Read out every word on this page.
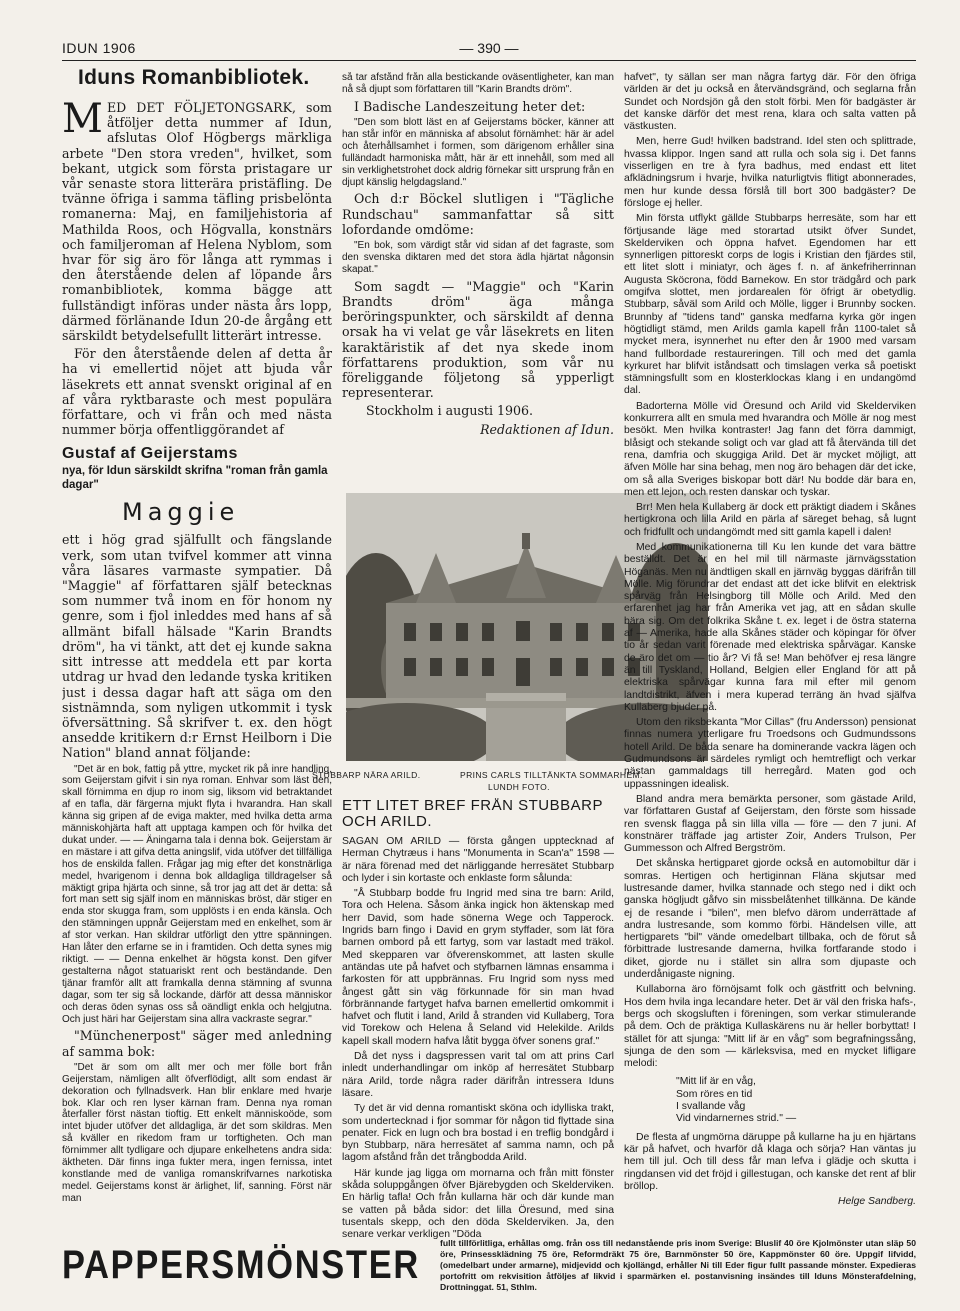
IDUN 1906	— 390 —
Iduns Romanbibliotek.

MED DET FÖLJETONGSARK, som åtföljer detta nummer af Idun, afslutas Olof Högbergs märkliga arbete "Den stora vreden", hvilket, som bekant, utgick som första pristagare ur vår senaste stora litterära pristäfling. De tvänne öfriga i samma täfling prisbelönta romanerna: Maj, en familjehistoria af Mathilda Roos, och Högvalla, konstnärs och familjeroman af Helena Nyblom, som hvar för sig äro för långa att rymmas i den återstående delen af löpande års romanbibliotek, komma bägge att fullständigt införas under nästa års lopp, därmed förlänande Idun 20-de årgång ett särskildt betydelsefullt litterärt intresse.

För den återstående delen af detta år ha vi emellertid nöjet att bjuda vår läsekrets ett annat svenskt original af en af våra ryktbaraste och mest populära författare, och vi från och med nästa nummer börja offentliggörandet af

Gustaf af Geijerstams
nya, för Idun särskildt skrifna "roman från gamla dagar"
Maggie

ett i hög grad själfullt och fängslande verk, som utan tvifvel kommer att vinna våra läsares varmaste sympatier. Då "Maggie" af författaren själf betecknas som nummer två inom en för honom ny genre, som i fjol inleddes med hans af så allmänt bifall hälsade "Karin Brandts dröm", ha vi tänkt, att det ej kunde sakna sitt intresse att meddela ett par korta utdrag ur hvad den ledande tyska kritiken just i dessa dagar haft att säga om den sistnämnda, som nyligen utkommit i tysk öfversättning. Så skrifver t. ex. den högt ansedde kritikern d:r Ernst Heilborn i Die Nation" bland annat följande:

"Det är en bok, fattig på yttre, mycket rik på inre handling, som Geijerstam gifvit i sin nya roman. Enhvar som läst den, skall förnimma en djup ro inom sig, liksom vid betraktandet af en tafla, där färgerna mjukt flyta i hvarandra. Han skall känna sig gripen af de eviga makter, med hvilka detta arma människohjärta haft att upptaga kampen och för hvilka det dukat under. — — Äningarna tala i denna bok. Geijerstam är en mästare i att gifva detta aningslif, vida utöfver det tillfälliga hos de enskilda fallen. Frågar jag mig efter det konstnärliga medel, hvarigenom i denna bok alldagliga tilldragelser så mäktigt gripa hjärta och sinne, så tror jag att det är detta: så fort man sett sig själf inom en människas bröst, där stiger en enda stor skugga fram, som upplösts i en enda känsla. Och den stämningen uppnår Geijerstam med en enkelhet, som är af stor verkan. Han skildrar utförligt den yttre spänningen. Han låter den erfarne se in i framtiden. Och detta synes mig riktigt. — — Denna enkelhet är högsta konst. Den gifver gestalterna något statuariskt rent och beständande. Den tjänar framför allt att framkalla denna stämning af svunna dagar, som ter sig så lockande, därför att dessa människor och deras öden synas oss så oändligt enkla och helgjutna. Och just häri har Geijerstam sina allra vackraste segrar."

"Münchenerpost" säger med anledning af samma bok:

"Det är som om allt mer och mer fölle bort från Geijerstam, nämligen allt öfverflödigt, allt som endast är dekoration och fyllnadsverk. Han blir enklare med hvarje bok. Klar och ren lyser kärnan fram. Denna nya roman återfaller först nästan tioftig. Ett enkelt människoöde, som intet bjuder utöfver det alldagliga, är det som skildras. Men så kväller en rikedom fram ur torftigheten. Och man förnimmer allt tydligare och djupare enkelhetens andra sida: äktheten. Där finns inga fukter mera, ingen fernissa, intet konstlande med de vanliga romanskrifvarnes narkotiska medel. Geijerstams konst är ärlighet, lif, sanning. Först när man

så tar afstånd från alla bestickande oväsentligheter, kan man nå så djupt som författaren till "Karin Brandts dröm".

I Badische Landeszeitung heter det:

"Den som blott läst en af Geijerstams böcker, känner att han står inför en människa af absolut förnämhet: här är adel och återhållsamhet i formen, som därigenom erhåller sina fulländadt harmoniska mått, här är ett innehåll, som med all sin verklighetstrohet dock aldrig förnekar sitt ursprung från en djupt känslig helgdagsland."

Och d:r Böckel slutligen i "Tägliche Rundschau" sammanfattar så sitt lofordande omdöme:

"En bok, som värdigt står vid sidan af det fagraste, som den svenska diktaren med det stora ädla hjärtat någonsin skapat."

Som sagdt — "Maggie" och "Karin Brandts dröm" äga många beröringspunkter, och särskildt af denna orsak ha vi velat ge vår läsekrets en liten karaktäristik af det nya skede inom författarens produktion, som vår nu föreliggande följetong så ypperligt representerar.

Stockholm i augusti 1906.

Redaktionen af Idun.

STUBBARP NÄRA ARILD.	PRINS CARLS TILLTÄNKTA SOMMARHEM.
LUNDH FOTO.
ETT LITET BREF FRÅN STUBBARP OCH ARILD.

SAGAN OM ARILD — första gången upptecknad af Herman Chytræus i hans "Monumenta in Scan'a" 1598 — är nära förenad med det närliggande herresätet Stubbarp och lyder i sin kortaste och enklaste form sålunda:

"Å Stubbarp bodde fru Ingrid med sina tre barn: Arild, Tora och Helena. Såsom änka ingick hon äktenskap med herr David, som hade sönerna Wege och Tapperock. Ingrids barn fingo i David en grym styffader, som lät föra barnen ombord på ett fartyg, som var lastadt med träkol. Med skepparen var öfverenskommet, att lasten skulle antändas ute på hafvet och styfbarnen lämnas ensamma i farkosten för att uppbrännas. Fru Ingrid som nyss med ångest gått sin väg förkunnade för sin man hvad förbrännande fartyget hafva barnen emellertid omkommit i hafvet och flutit i land, Arild å stranden vid Kullaberg, Tora vid Torekow och Helena å Seland vid Helekilde. Arilds kapell skall modern hafva låtit bygga öfver sonens graf."

Då det nyss i dagspressen varit tal om att prins Carl inledt underhandlingar om inköp af herresätet Stubbarp nära Arild, torde några rader därifrån intressera Iduns läsare.

Ty det är vid denna romantiskt sköna och idylliska trakt, som undertecknad i fjor sommar för någon tid flyttade sina penater. Fick en lugn och bra bostad i en treflig bondgård i byn Stubbarp, nära herresätet af samma namn, och på lagom afstånd från det trångbodda Arild.

Här kunde jag ligga om mornarna och från mitt fönster skåda soluppgången öfver Bjärebygden och Skelderviken. En härlig tafla! Och från kullarna här och där kunde man se vatten på båda sidor: det lilla Öresund, med sina tusentals skepp, och den döda Skelderviken. Ja, den senare verkar verkligen "Döda

hafvet", ty sällan ser man några fartyg där. För den öfriga världen är det ju också en återvändsgränd, och seglarna från Sundet och Nordsjön gå den stolt förbi. Men för badgäster är det kanske därför det mest rena, klara och salta vatten på västkusten.

Men, herre Gud! hvilken badstrand. Idel sten och splittrade, hvassa klippor. Ingen sand att rulla och sola sig i. Det fanns visserligen en tre à fyra badhus, med endast ett litet afklädningsrum i hvarje, hvilka naturligtvis flitigt abonnerades, men hur kunde dessa förslå till bort 300 badgäster? De försloge ej heller.

Min första utflykt gällde Stubbarps herresäte, som har ett förtjusande läge med storartad utsikt öfver Sundet, Skelderviken och öppna hafvet. Egendomen har ett synnerligen pittoreskt corps de logis i Kristian den fjärdes stil, ett litet slott i miniatyr, och äges f. n. af änkefriherrinnan Augusta Sköcrona, född Barnekow. En stor trädgård och park omgifva slottet, men jordarealen för öfrigt är obetydlig. Stubbarp, såväl som Arild och Mölle, ligger i Brunnby socken. Brunnby af "tidens tand" ganska medfarna kyrka gör ingen högtidligt stämd, men Arilds gamla kapell från 1100-talet så mycket mera, isynnerhet nu efter den år 1900 med varsam hand fullbordade restaureringen. Till och med det gamla kyrkuret har blifvit iståndsatt och timslagen verka så poetiskt stämningsfullt som en klosterklockas klang i en undangömd dal.

Badorterna Mölle vid Öresund och Arild vid Skelderviken konkurrera allt en smula med hvarandra och Mölle är nog mest besökt. Men hvilka kontraster! Jag fann det förra dammigt, blåsigt och stekande soligt och var glad att få återvända till det rena, damfria och skuggiga Arild. Det är mycket möjligt, att äfven Mölle har sina behag, men nog äro behagen där det icke, om så alla Sveriges biskopar bott där! Nu bodde där bara en, men ett lejon, och resten danskar och tyskar.

Brr! Men hela Kullaberg är dock ett präktigt diadem i Skånes hertigkrona och lilla Arild en pärla af säreget behag, så lugnt och fridfullt och undangömdt med sitt gamla kapell i dalen!

Med kommunikationerna till Ku len kunde det vara bättre beställdt. Det är en hel mil till närmaste järnvägsstation Höganäs. Men nu ändtligen skall en järnväg byggas därifrån till Mölle. Mig förundrar det endast att det icke blifvit en elektrisk spårväg från Helsingborg till Mölle och Arild. Med den erfarenhet jag har från Amerika vet jag, att en sådan skulle bära sig. Om det folkrika Skåne t. ex. leget i de östra staterna af — Amerika, hade alla Skånes städer och köpingar för öfver tio år sedan varit förenade med elektriska spårvägar. Kanske de äro det om — tio år? Vi få se! Man behöfver ej resa längre än till Tyskland, Holland, Belgien eller England för att på elektriska spårvägar kunna fara mil efter mil genom landtdistrikt, äfven i mera kuperad terräng än hvad själfva Kullaberg bjuder på.

Utom den riksbekanta "Mor Cillas" (fru Andersson) pensionat finnas numera ytterligare fru Troedsons och Gudmundssons hotell Arild. De båda senare ha dominerande vackra lägen och Gudmundsons är särdeles rymligt och hemtrefligt och verkar nästan gammaldags till herregård. Maten god och uppassningen idealisk.

Bland andra mera bemärkta personer, som gästade Arild, var författaren Gustaf af Geijerstam, den förste som hissade ren svensk flagga på sin lilla villa — före — den 7 juni. Af konstnärer träffade jag artister Zoir, Anders Trulson, Per Gummesson och Alfred Bergström.

Det skånska hertigparet gjorde också en automobiltur där i somras. Hertigen och hertiginnan Fläna skjutsar med lustresande damer, hvilka stannade och stego ned i dikt och ganska högljudt gåfvo sin missbelåtenhet tillkänna. De kände ej de resande i "bilen", men blefvo därom underrättade af andra lustresande, som kommo förbi. Händelsen ville, att hertigparets "bil" vände omedelbart tillbaka, och de förut så förbittrade lustresande damerna, hvilka fortfarande stodo i diket, gjorde nu i stället sin allra som djupaste och underdånigaste nigning.

Kullaborna äro förnöjsamt folk och gästfritt och belvning. Hos dem hvila inga lecandare heter. Det är väl den friska hafs-, bergs och skogsluften i föreningen, som verkar stimulerande på dem. Och de präktiga Kullaskärens nu är heller borbyttat! I stället för att sjunga: "Mitt lif är en våg" som begrafningssång, sjunga de den som — kärleksvisa, med en mycket lifligare melodi:

"Mitt lif är en våg,
Som röres en tid
I svallande våg
Vid vindarnernes strid." —

De flesta af ungmörna däruppe på kullarne ha ju en hjärtans kär på hafvet, och hvarför då klaga och sörja? Han väntas ju hem till jul. Och till dess får man lefva i glädje och skutta i ringdansen vid det fröjd i gillestugan, och kanske det rent af blir bröllop.

Helge Sandberg.

PAPPERSMÖNSTER fullt tillförlitliga, erhållas omg. från oss till nedanstående pris inom Sverige: Bluslif 40 öre Kjolmönster utan släp 50 öre, Prinsessklädning 75 öre, Reformdräkt 75 öre, Barnmönster 50 öre, Kappmönster 60 öre. Uppgif lifvidd, (omedelbart under armarne), midjevidd och kjollängd, erhåller Ni till Eder figur fullt passande mönster. Expedieras portofritt om rekvisition åtföljes af likvid i sparmärken el. postanvisning insändes till Iduns Mönsterafdelning, Drottninggat. 51, Sthlm.
